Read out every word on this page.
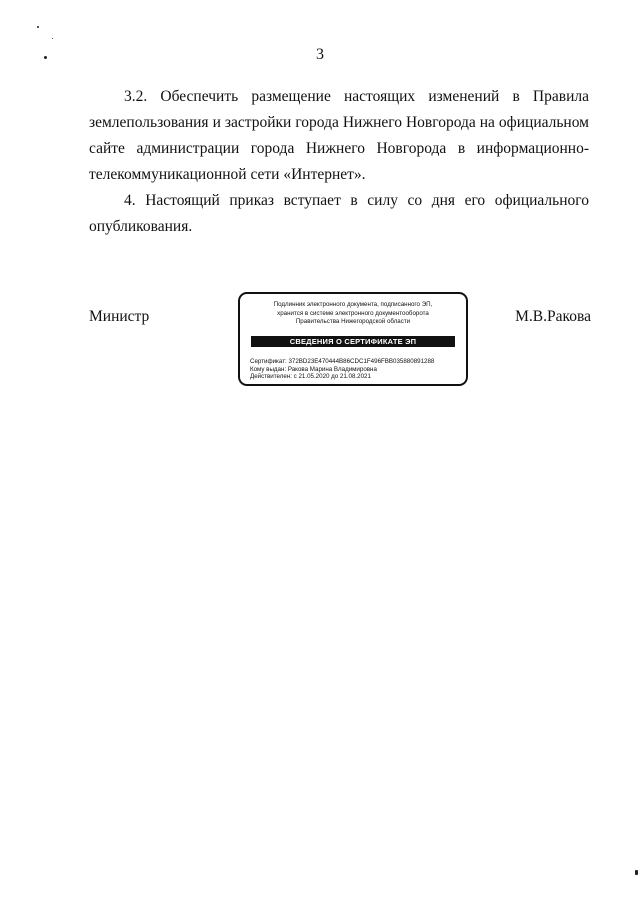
3

3.2. Обеспечить размещение настоящих изменений в Правила землепользования и застройки города Нижнего Новгорода на официальном сайте администрации города Нижнего Новгорода в информационно- телекоммуникационной сети «Интернет».

4. Настоящий приказ вступает в силу со дня его официального опубликования.

Министр
Подлинник электронного документа, подписанного ЭП,
хранится в системе электронного документооборота
Правительства Нижегородской области
СВЕДЕНИЯ О СЕРТИФИКАТЕ ЭП
Сертификат: 372BD23E470444B86CDC1F496FBB035880891288
Кому выдан: Ракова Марина Владимировна
Действителен: с 21.05.2020 до 21.08.2021
М.В.Ракова
